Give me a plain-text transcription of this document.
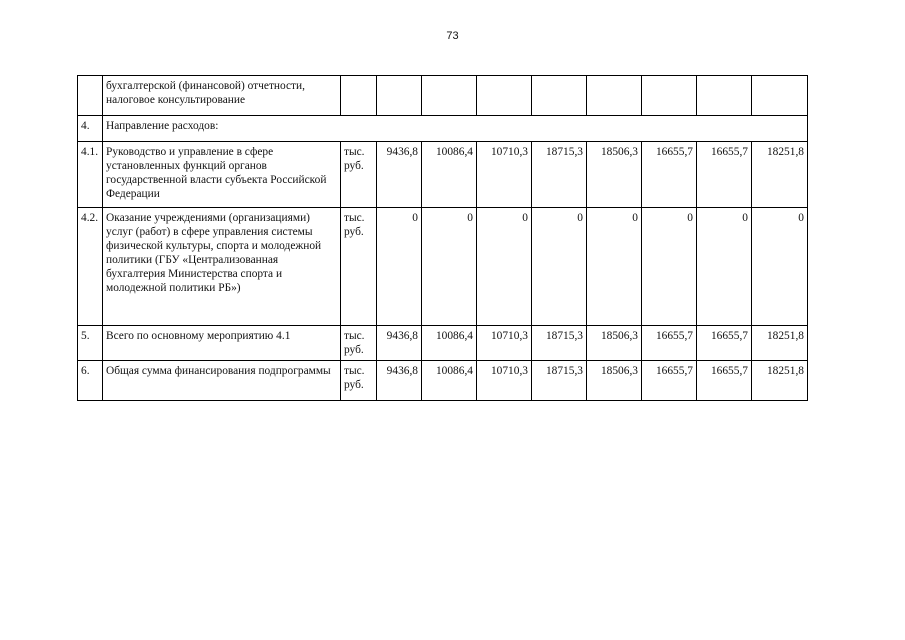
73
	бухгалтерской (финансовой) отчетности, налоговое консультирование									
4.	Направление расходов:									
4.1.	Руководство и управление в сфере установленных функций органов государственной власти субъекта Российской Федерации	тыс. руб.	9436,8	10086,4	10710,3	18715,3	18506,3	16655,7	16655,7	18251,8
4.2.	Оказание учреждениями (организациями) услуг (работ) в сфере управления системы физической культуры, спорта и молодежной политики (ГБУ «Централизованная бухгалтерия Министерства спорта и молодежной политики РБ»)	тыс. руб.	0	0	0	0	0	0	0	0
5.	Всего по основному мероприятию 4.1	тыс. руб.	9436,8	10086,4	10710,3	18715,3	18506,3	16655,7	16655,7	18251,8
6.	Общая сумма финансирования подпрограммы	тыс. руб.	9436,8	10086,4	10710,3	18715,3	18506,3	16655,7	16655,7	18251,8
